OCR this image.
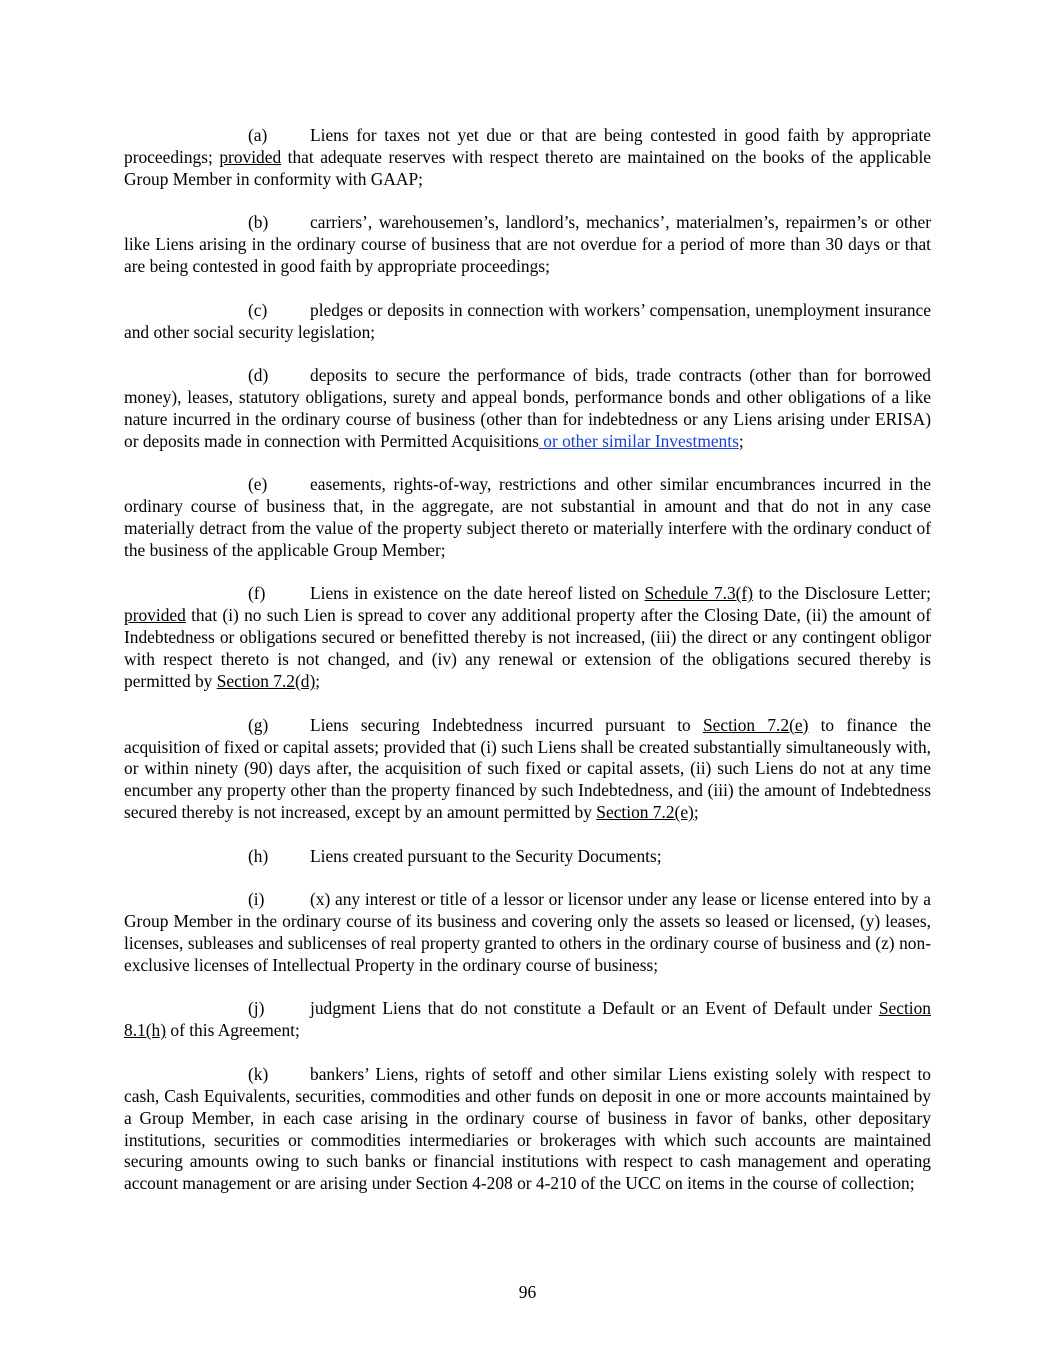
(a) Liens for taxes not yet due or that are being contested in good faith by appropriate proceedings; provided that adequate reserves with respect thereto are maintained on the books of the applicable Group Member in conformity with GAAP;

(b) carriers’, warehousemen’s, landlord’s, mechanics’, materialmen’s, repairmen’s or other like Liens arising in the ordinary course of business that are not overdue for a period of more than 30 days or that are being contested in good faith by appropriate proceedings;

(c) pledges or deposits in connection with workers’ compensation, unemployment insurance and other social security legislation;

(d) deposits to secure the performance of bids, trade contracts (other than for borrowed money), leases, statutory obligations, surety and appeal bonds, performance bonds and other obligations of a like nature incurred in the ordinary course of business (other than for indebtedness or any Liens arising under ERISA) or deposits made in connection with Permitted Acquisitions or other similar Investments;

(e) easements, rights-of-way, restrictions and other similar encumbrances incurred in the ordinary course of business that, in the aggregate, are not substantial in amount and that do not in any case materially detract from the value of the property subject thereto or materially interfere with the ordinary conduct of the business of the applicable Group Member;

(f)	Liens in existence on the date hereof listed on Schedule 7.3(f) to the Disclosure Letter; provided that (i) no such Lien is spread to cover any additional property after the Closing Date, (ii) the amount of Indebtedness or obligations secured or benefitted thereby is not increased, (iii) the direct or any contingent obligor with respect thereto is not changed, and (iv) any renewal or extension of the obligations secured thereby is permitted by Section 7.2(d);

(g) Liens securing Indebtedness incurred pursuant to Section 7.2(e) to finance the acquisition of fixed or capital assets; provided that (i) such Liens shall be created substantially simultaneously with, or within ninety (90) days after, the acquisition of such fixed or capital assets, (ii) such Liens do not at any time encumber any property other than the property financed by such Indebtedness, and (iii) the amount of Indebtedness secured thereby is not increased, except by an amount permitted by Section 7.2(e);

(h) Liens created pursuant to the Security Documents;

(i)	(x) any interest or title of a lessor or licensor under any lease or license entered into by a Group Member in the ordinary course of its business and covering only the assets so leased or licensed, (y) leases, licenses, subleases and sublicenses of real property granted to others in the ordinary course of business and (z) non-exclusive licenses of Intellectual Property in the ordinary course of business;

(j)	judgment Liens that do not constitute a Default or an Event of Default under Section 8.1(h) of this Agreement;

(k) bankers’ Liens, rights of setoff and other similar Liens existing solely with respect to cash, Cash Equivalents, securities, commodities and other funds on deposit in one or more accounts maintained by a Group Member, in each case arising in the ordinary course of business in favor of banks, other depositary institutions, securities or commodities intermediaries or brokerages with which such accounts are maintained securing amounts owing to such banks or financial institutions with respect to cash management and operating account management or are arising under Section 4-208 or 4-210 of the UCC on items in the course of collection;

96
